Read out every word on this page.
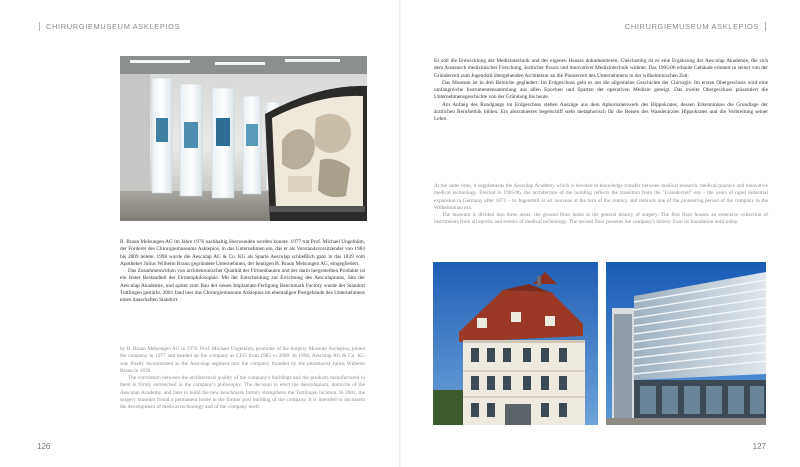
CHIRURGIEMUSEUM ASKLEPIOS

B. Braun Melsungen AG im Jahre 1976 nachhaltig überwunden werden konnte. 1977 trat Prof. Michael Ungethüm, der Förderer des Chirurgiemuseums Asklepios, in das Unternehmen ein, das er als Vorstandsvorsitzender von 1983 bis 2009 leitete. 1998 wurde die Aesculap AG & Co. KG als Sparte Aesculap schließlich ganz in das 1839 vom Apotheker Julius Wilhelm Braun gegründete Unternehmen, der heutigen B. Braun Melsungen AG, eingegliedert.

Das Zusammenwirken von architektonischer Qualität der Firmenbauten und der darin hergestellten Produkte ist ein fester Bestandteil der Firmenphilosophie. Mit der Entscheidung zur Errichtung des Aesculapiums, Sitz der Aesculap Akademie, und später zum Bau der neuen Implantate-Fertigung Benchmark Factory wurde der Standort Tuttlingen gestärkt. 2001 fand hier das Chirurgiemuseum Asklepios im ehemaligen Postgebäude des Unternehmens einen dauerhaften Standort.

by B. Braun Melsungen AG in 1976. Prof. Michael Ungethüm, promoter of the Surgery Museum Asclepius, joined the company in 1977 and headed up the company as CEO from 1983 to 2009. In 1998, Aesculap AG & Co. KG was finally incorporated as the Aesculap segment into the company founded by the pharmacist Julius Wilhelm Braun in 1839.

The correlation between the architectural quality of the company's buildings and the products manufactured in them is firmly entrenched in the company's philosophy. The decision to erect the Aesculapium, domicile of the Aesculap Academy, and later to build the new benchmark factory strengthens the Tuttlingen location. In 2001, the surgery museum found a permanent home in the former post building of the company. It is intended to document the development of medical technology and of the company itself.

126
CHIRURGIEMUSEUM ASKLEPIOS

Es soll die Entwicklung der Medizintechnik und des eigenen Hauses dokumentieren. Gleichzeitig ist es eine Ergänzung der Aesculap Akademie, die sich dem Austausch medizinischer Forschung, ärztlicher Praxis und innovativer Medizintechnik widmet. Das 1905/06 erbaute Gebäude erinnert in seiner von der Gründerzeit zum Jugendstil übergehenden Architektur an die Pionierzeit des Unternehmens in der wilhelminischen Zeit.

Das Museum ist in drei Bereiche gegliedert: Im Erdgeschoss geht es um die allgemeine Geschichte der Chirurgie. Im ersten Obergeschoss wird eine umfangreiche Instrumentensammlung aus allen Epochen und Sparten der operativen Medizin gezeigt. Das zweite Obergeschoss präsentiert die Unternehmensgeschichte von der Gründung bis heute.

Am Anfang des Rundgangs im Erdgeschoss stehen Auszüge aus dem Aphorismenwerk des Hippokrates, dessen Erkenntnisse die Grundlage der ärztlichen Berufsethik bilden. Ein abstrahiertes Segelschiff steht metaphorisch für die Reisen des Wanderarztes Hippokrates und die Verbreitung seiner Lehre.

At the same time, it supplements the Aesculap Academy which is devoted to knowledge transfer between medical research, medical practice and innovative medical technology. Erected in 1905/06, the architecture of the building reflects the transition from the "Gründerzeit" era – the years of rapid industrial expansion in Germany after 1871 – to Jugendstil or art nouveau at the turn of the century and reminds one of the pioneering period of the company in the Wilhelminian era.

The museum is divided into three areas: the ground floor looks at the general history of surgery. The first floor houses an extensive collection of instruments from all epochs and sectors of medical technology. The second floor presents the company's history from its foundation until today.

127
